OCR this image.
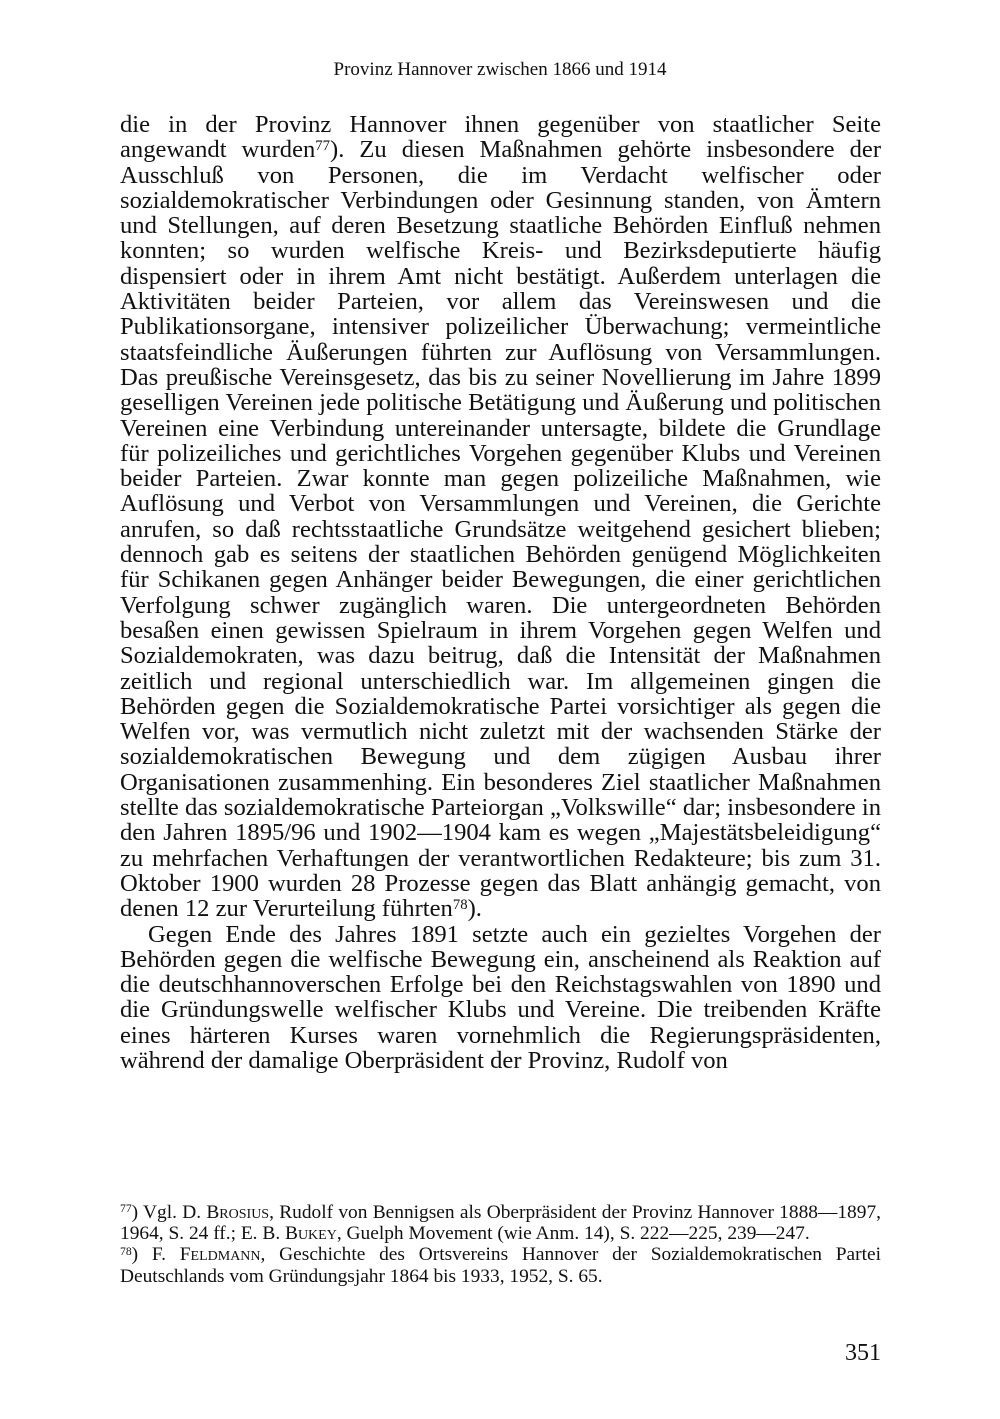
Provinz Hannover zwischen 1866 und 1914

die in der Provinz Hannover ihnen gegenüber von staatlicher Seite angewandt wurden$^{77}$). Zu diesen Maßnahmen gehörte insbesondere der Ausschluß von Personen, die im Verdacht welfischer oder sozialdemokratischer Verbindungen oder Gesinnung standen, von Ämtern und Stellungen, auf deren Besetzung staatliche Behörden Einfluß nehmen konnten; so wurden welfische Kreis- und Bezirksdeputierte häufig dispensiert oder in ihrem Amt nicht bestätigt. Außerdem unterlagen die Aktivitäten beider Parteien, vor allem das Vereinswesen und die Publikationsorgane, intensiver polizeilicher Überwachung; vermeintliche staatsfeindliche Äußerungen führten zur Auflösung von Versammlungen. Das preußische Vereinsgesetz, das bis zu seiner Novellierung im Jahre 1899 geselligen Vereinen jede politische Betätigung und Äußerung und politischen Vereinen eine Verbindung untereinander untersagte, bildete die Grundlage für polizeiliches und gerichtliches Vorgehen gegenüber Klubs und Vereinen beider Parteien. Zwar konnte man gegen polizeiliche Maßnahmen, wie Auflösung und Verbot von Versammlungen und Vereinen, die Gerichte anrufen, so daß rechtsstaatliche Grundsätze weitgehend gesichert blieben; dennoch gab es seitens der staatlichen Behörden genügend Möglichkeiten für Schikanen gegen Anhänger beider Bewegungen, die einer gerichtlichen Verfolgung schwer zugänglich waren. Die untergeordneten Behörden besaßen einen gewissen Spielraum in ihrem Vorgehen gegen Welfen und Sozialdemokraten, was dazu beitrug, daß die Intensität der Maßnahmen zeitlich und regional unterschiedlich war. Im allgemeinen gingen die Behörden gegen die Sozialdemokratische Partei vorsichtiger als gegen die Welfen vor, was vermutlich nicht zuletzt mit der wachsenden Stärke der sozialdemokratischen Bewegung und dem zügigen Ausbau ihrer Organisationen zusammenhing. Ein besonderes Ziel staatlicher Maßnahmen stellte das sozialdemokratische Parteiorgan „Volkswille“ dar; insbesondere in den Jahren 1895/96 und 1902—1904 kam es wegen „Majestätsbeleidigung“ zu mehrfachen Verhaftungen der verantwortlichen Redakteure; bis zum 31. Oktober 1900 wurden 28 Prozesse gegen das Blatt anhängig gemacht, von denen 12 zur Verurteilung führten$^{78}$).

Gegen Ende des Jahres 1891 setzte auch ein gezieltes Vorgehen der Behörden gegen die welfische Bewegung ein, anscheinend als Reaktion auf die deutschhannoverschen Erfolge bei den Reichstagswahlen von 1890 und die Gründungswelle welfischer Klubs und Vereine. Die treibenden Kräfte eines härteren Kurses waren vornehmlich die Regierungspräsidenten, während der damalige Oberpräsident der Provinz, Rudolf von

$^{77}$) Vgl. D. Brosius, Rudolf von Bennigsen als Oberpräsident der Provinz Hannover 1888—1897, 1964, S. 24 ff.; E. B. Bukey, Guelph Movement (wie Anm. 14), S. 222—225, 239—247.

$^{78}$) F. Feldmann, Geschichte des Ortsvereins Hannover der Sozialdemokratischen Partei Deutschlands vom Gründungsjahr 1864 bis 1933, 1952, S. 65.

351
